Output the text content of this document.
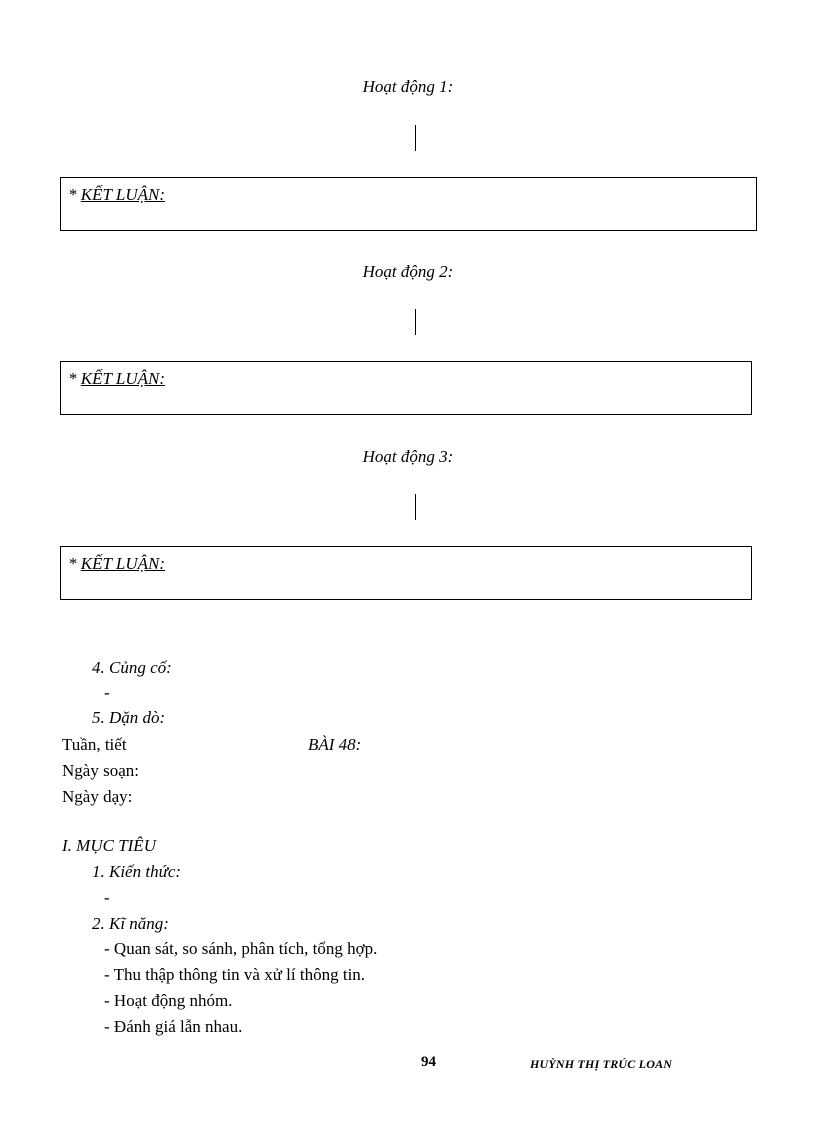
Hoạt động 1:
* KẾT LUẬN:
Hoạt động 2:
* KẾT LUẬN:
Hoạt động 3:
* KẾT LUẬN:
4. Củng cố:
-
5. Dặn dò:
Tuần, tiết	BÀI 48:
Ngày soạn:
Ngày dạy:
I. MỤC TIÊU
1. Kiến thức:
-
2. Kĩ năng:
- Quan sát, so sánh, phân tích, tổng hợp.
- Thu thập thông tin và xử lí thông tin.
- Hoạt động nhóm.
- Đánh giá lẫn nhau.
94	HUỲNH THỊ TRÚC LOAN
